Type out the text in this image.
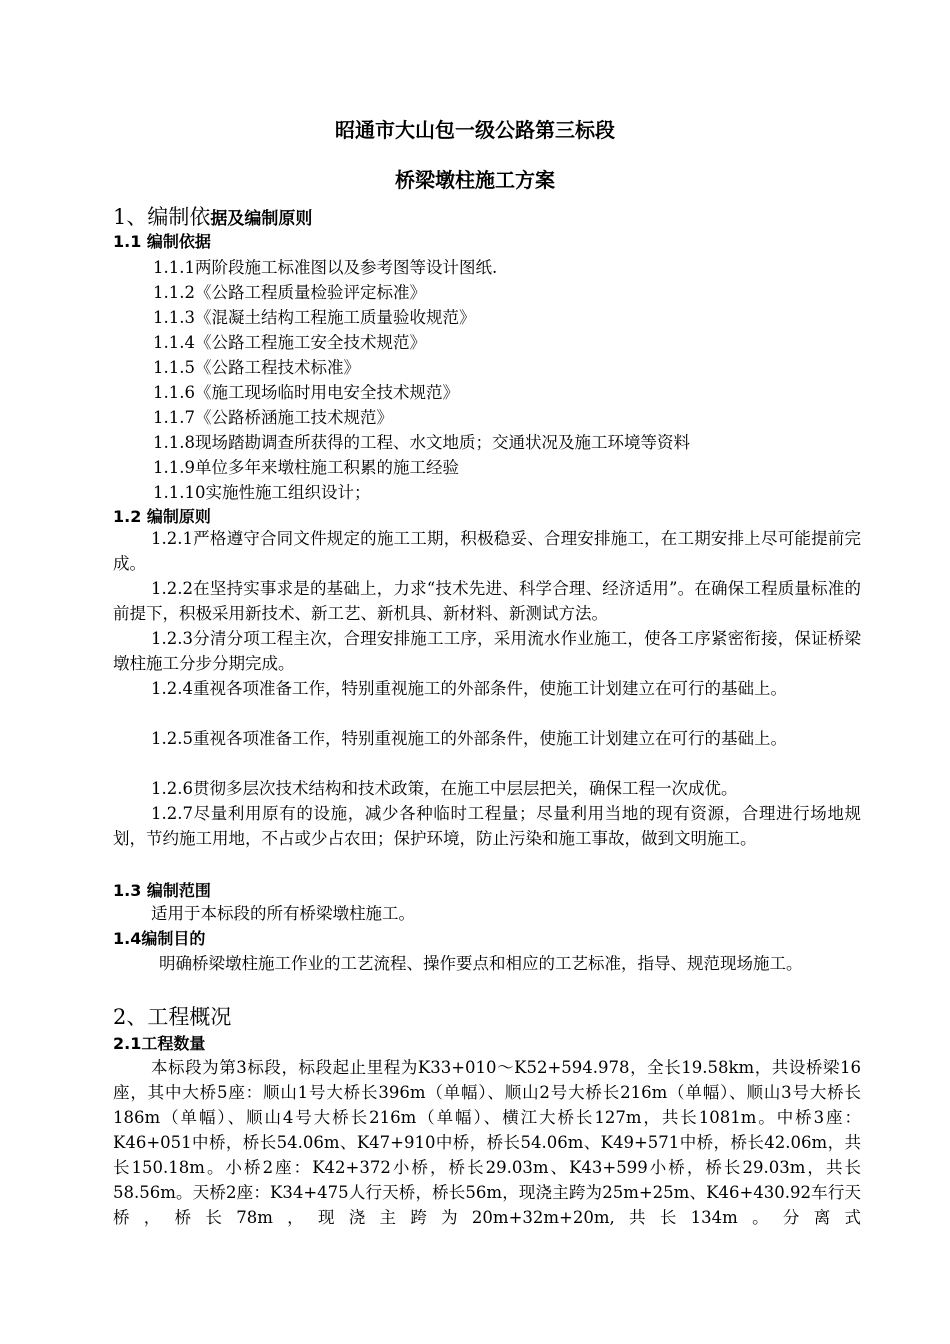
昭通市大山包一级公路第三标段
桥梁墩柱施工方案
1、编制依据及编制原则
1.1 编制依据
1.1.1两阶段施工标准图以及参考图等设计图纸.
1.1.2《公路工程质量检验评定标准》
1.1.3《混凝土结构工程施工质量验收规范》
1.1.4《公路工程施工安全技术规范》
1.1.5《公路工程技术标准》
1.1.6《施工现场临时用电安全技术规范》
1.1.7《公路桥涵施工技术规范》
1.1.8现场踏勘调查所获得的工程、水文地质；交通状况及施工环境等资料
1.1.9单位多年来墩柱施工积累的施工经验
1.1.10实施性施工组织设计；
1.2 编制原则

1.2.1严格遵守合同文件规定的施工工期，积极稳妥、合理安排施工，在工期安排上尽可能提前完成。

1.2.2在坚持实事求是的基础上，力求“技术先进、科学合理、经济适用”。在确保工程质量标准的前提下，积极采用新技术、新工艺、新机具、新材料、新测试方法。

1.2.3分清分项工程主次，合理安排施工工序，采用流水作业施工，使各工序紧密衔接，保证桥梁墩柱施工分步分期完成。

1.2.4重视各项准备工作，特别重视施工的外部条件，使施工计划建立在可行的基础上。

1.2.5重视各项准备工作，特别重视施工的外部条件，使施工计划建立在可行的基础上。

1.2.6贯彻多层次技术结构和技术政策，在施工中层层把关，确保工程一次成优。

1.2.7尽量利用原有的设施，减少各种临时工程量；尽量利用当地的现有资源，合理进行场地规划，节约施工用地，不占或少占农田；保护环境，防止污染和施工事故，做到文明施工。

1.3 编制范围

适用于本标段的所有桥梁墩柱施工。

1.4编制目的

明确桥梁墩柱施工作业的工艺流程、操作要点和相应的工艺标准，指导、规范现场施工。

2、工程概况
2.1工程数量

本标段为第3标段，标段起止里程为K33+010～K52+594.978，全长19.58km，共设桥梁16座，其中大桥5座：顺山1号大桥长396m（单幅）、顺山2号大桥长216m（单幅）、顺山3号大桥长186m（单幅）、顺山4号大桥长216m（单幅）、横江大桥长127m，共长1081m。中桥3座：K46+051中桥，桥长54.06m、K47+910中桥，桥长54.06m、K49+571中桥，桥长42.06m，共长150.18m。小桥2座：K42+372小桥，桥长29.03m、K43+599小桥，桥长29.03m，共长58.56m。天桥2座：K34+475人行天桥，桥长56m，现浇主跨为25m+25m、K46+430.92车行天桥，桥长78m，现浇主跨为20m+32m+20m,共长134m。分离式
